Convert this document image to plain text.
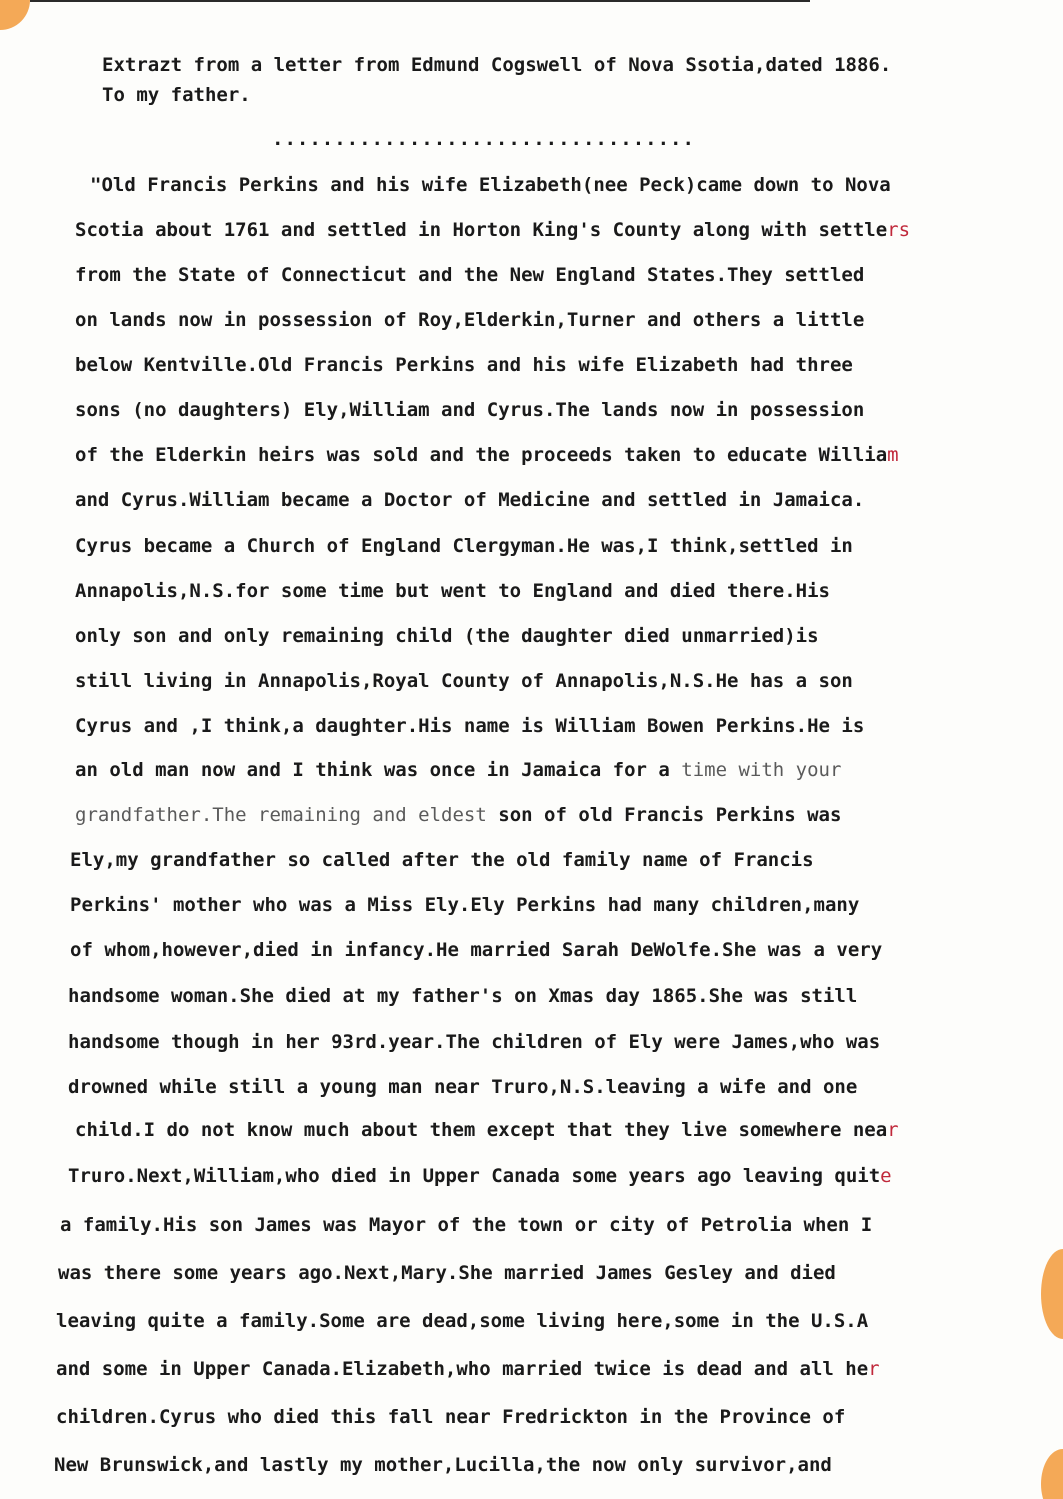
Extrazt from a letter from Edmund Cogswell of Nova Ssotia,dated 1886.
To my father.
..................................
"Old Francis Perkins and his wife Elizabeth(nee Peck)came down to Nova
Scotia about 1761 and settled in Horton King's County along with settlers
from the State of Connecticut and the New England States.They settled
on lands now in possession of Roy,Elderkin,Turner and others a little
below Kentville.Old Francis Perkins and his wife Elizabeth had three
sons (no daughters) Ely,William and Cyrus.The lands now in possession
of the Elderkin heirs was sold and the proceeds taken to educate William
and Cyrus.William became a Doctor of Medicine and settled in Jamaica.
Cyrus became a Church of England Clergyman.He was,I think,settled in
Annapolis,N.S.for some time but went to England and died there.His
only son and only remaining child (the daughter died unmarried)is
still living in Annapolis,Royal County of Annapolis,N.S.He has a son
Cyrus and ,I think,a daughter.His name is William Bowen Perkins.He is
an old man now and I think was once in Jamaica for a time with your
grandfather.The remaining and eldest son of old Francis Perkins was
Ely,my grandfather so called after the old family name of Francis
Perkins' mother who was a Miss Ely.Ely Perkins had many children,many
of whom,however,died in infancy.He married Sarah DeWolfe.She was a very
handsome woman.She died at my father's on Xmas day 1865.She was still
handsome though in her 93rd.year.The children of Ely were James,who was
drowned while still a young man near Truro,N.S.leaving a wife and one
child.I do not know much about them except that they live somewhere near
Truro.Next,William,who died in Upper Canada some years ago leaving quite
a family.His son James was Mayor of the town or city of Petrolia when I
was there some years ago.Next,Mary.She married James Gesley and died
leaving quite a family.Some are dead,some living here,some in the U.S.A
and some in Upper Canada.Elizabeth,who married twice is dead and all her
children.Cyrus who died this fall near Fredrickton in the Province of
New Brunswick,and lastly my mother,Lucilla,the now only survivor,and
